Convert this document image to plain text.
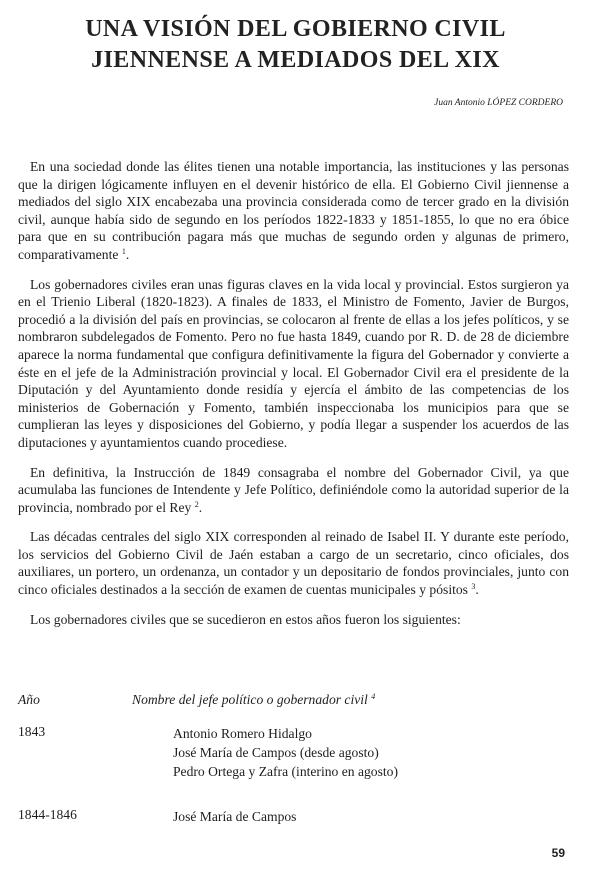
UNA VISIÓN DEL GOBIERNO CIVIL
JIENNENSE A MEDIADOS DEL XIX
Juan Antonio LÓPEZ CORDERO

En una sociedad donde las élites tienen una notable importancia, las instituciones y las personas que la dirigen lógicamente influyen en el devenir histórico de ella. El Gobierno Civil jiennense a mediados del siglo XIX encabezaba una provincia considerada como de tercer grado en la división civil, aunque había sido de segundo en los períodos 1822-1833 y 1851-1855, lo que no era óbice para que en su contribución pagara más que muchas de segundo orden y algunas de primero, comparativamente $^1$.

Los gobernadores civiles eran unas figuras claves en la vida local y provincial. Estos surgieron ya en el Trienio Liberal (1820-1823). A finales de 1833, el Ministro de Fomento, Javier de Burgos, procedió a la división del país en provincias, se colocaron al frente de ellas a los jefes políticos, y se nombraron subdelegados de Fomento. Pero no fue hasta 1849, cuando por R. D. de 28 de diciembre aparece la norma fundamental que configura definitivamente la figura del Gobernador y convierte a éste en el jefe de la Administración provincial y local. El Gobernador Civil era el presidente de la Diputación y del Ayuntamiento donde residía y ejercía el ámbito de las competencias de los ministerios de Gobernación y Fomento, también inspeccionaba los municipios para que se cumplieran las leyes y disposiciones del Gobierno, y podía llegar a suspender los acuerdos de las diputaciones y ayuntamientos cuando procediese.

En definitiva, la Instrucción de 1849 consagraba el nombre del Gobernador Civil, ya que acumulaba las funciones de Intendente y Jefe Político, definiéndole como la autoridad superior de la provincia, nombrado por el Rey $^2$.

Las décadas centrales del siglo XIX corresponden al reinado de Isabel II. Y durante este período, los servicios del Gobierno Civil de Jaén estaban a cargo de un secretario, cinco oficiales, dos auxiliares, un portero, un ordenanza, un contador y un depositario de fondos provinciales, junto con cinco oficiales destinados a la sección de examen de cuentas municipales y pósitos $^3$.

Los gobernadores civiles que se sucedieron en estos años fueron los siguientes:

Año	Nombre del jefe político o gobernador civil $^4$
1843	Antonio Romero Hidalgo
José María de Campos (desde agosto)
Pedro Ortega y Zafra (interino en agosto)
1844-1846	José María de Campos
59
